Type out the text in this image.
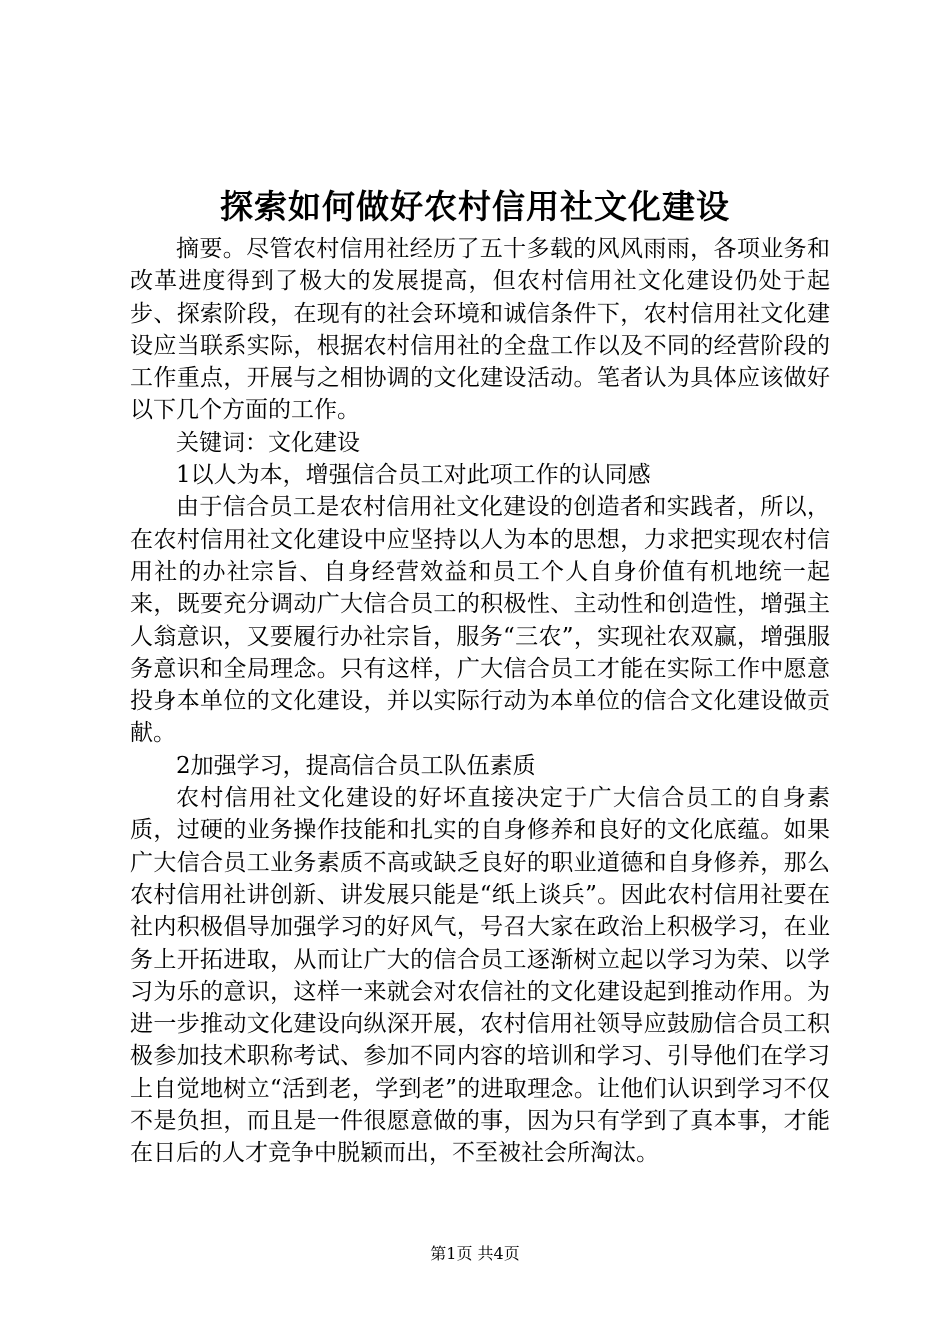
探索如何做好农村信用社文化建设

摘要。尽管农村信用社经历了五十多载的风风雨雨，各项业务和改革进度得到了极大的发展提高，但农村信用社文化建设仍处于起步、探索阶段，在现有的社会环境和诚信条件下，农村信用社文化建设应当联系实际，根据农村信用社的全盘工作以及不同的经营阶段的工作重点，开展与之相协调的文化建设活动。笔者认为具体应该做好以下几个方面的工作。

关键词：文化建设

1以人为本，增强信合员工对此项工作的认同感

由于信合员工是农村信用社文化建设的创造者和实践者，所以，在农村信用社文化建设中应坚持以人为本的思想，力求把实现农村信用社的办社宗旨、自身经营效益和员工个人自身价值有机地统一起来，既要充分调动广大信合员工的积极性、主动性和创造性，增强主人翁意识，又要履行办社宗旨，服务“三农”，实现社农双赢，增强服务意识和全局理念。只有这样，广大信合员工才能在实际工作中愿意投身本单位的文化建设，并以实际行动为本单位的信合文化建设做贡献。

2加强学习，提高信合员工队伍素质

农村信用社文化建设的好坏直接决定于广大信合员工的自身素质，过硬的业务操作技能和扎实的自身修养和良好的文化底蕴。如果广大信合员工业务素质不高或缺乏良好的职业道德和自身修养，那么农村信用社讲创新、讲发展只能是“纸上谈兵”。因此农村信用社要在社内积极倡导加强学习的好风气，号召大家在政治上积极学习，在业务上开拓进取，从而让广大的信合员工逐渐树立起以学习为荣、以学习为乐的意识，这样一来就会对农信社的文化建设起到推动作用。为进一步推动文化建设向纵深开展，农村信用社领导应鼓励信合员工积极参加技术职称考试、参加不同内容的培训和学习、引导他们在学习上自觉地树立“活到老，学到老”的进取理念。让他们认识到学习不仅不是负担，而且是一件很愿意做的事，因为只有学到了真本事，才能在日后的人才竞争中脱颖而出，不至被社会所淘汰。

第1页 共4页
